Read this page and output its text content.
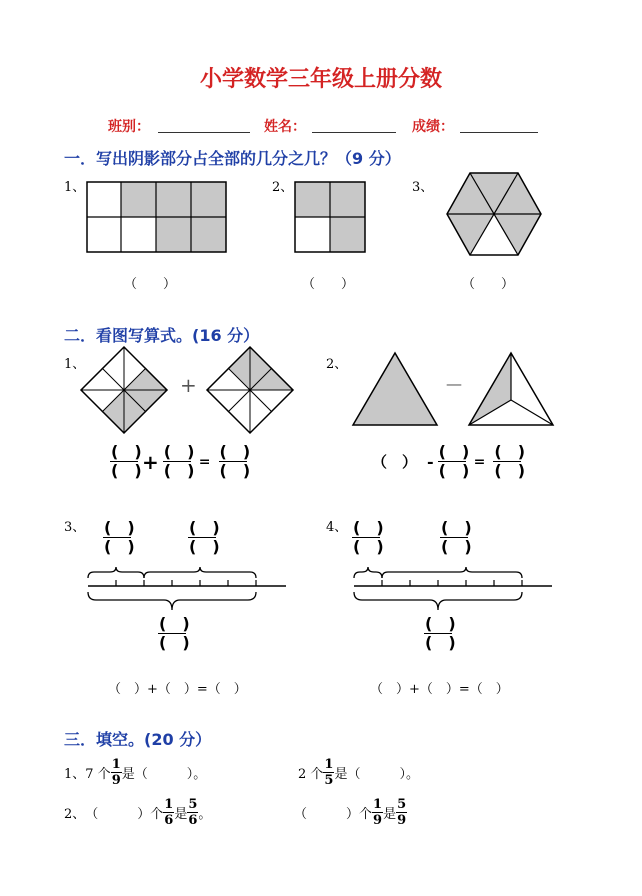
小学数学三年级上册分数
班别：	姓名：	成绩：
一．写出阴影部分占全部的几分之几？（9 分）
1、
（　　）
2、
（　　）
3、
（　　）
二．看图写算式。(16 分）
1、
+
$\frac{( )}{( )} + \frac{( )}{( )} = \frac{( )}{( )}$
2、
—
（　） - $\frac{( )}{( )} = \frac{( )}{( )}$
3、 (　)
(　)
(　)
(　)
(　)
(　)
（　）+（　）=（　）
4、 (　)
(　)
(　)
(　)
(　)
(　)
（　）+（　）=（　）
三．填空。(20 分）
1、 7 个 $\frac{1}{9}$ 是（　　　）。	2 个 $\frac{1}{5}$ 是（　　　）。
2、 （　　　）个 $\frac{1}{6}$ 是 $\frac{5}{6}$ 。	（　　　）个 $\frac{1}{9}$ 是 $\frac{5}{9}$
